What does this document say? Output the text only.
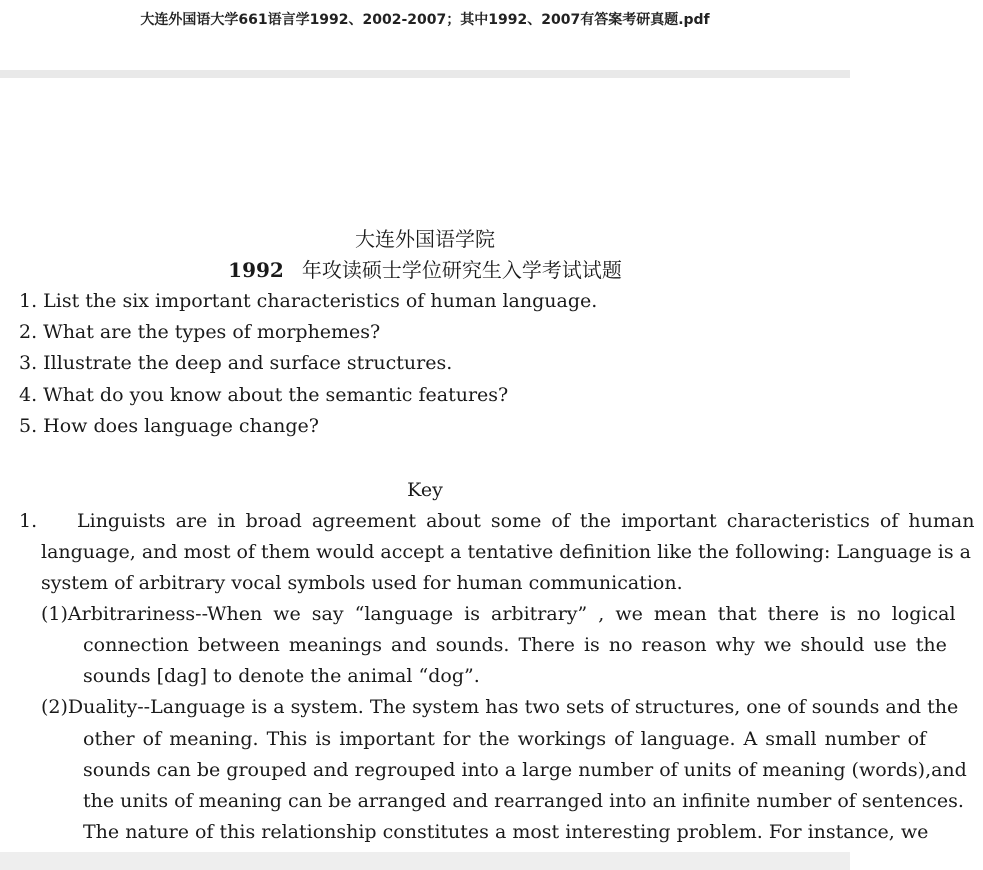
大连外国语大学661语言学1992、2002-2007；其中1992、2007有答案考研真题.pdf
大连外国语学院
1992 年攻读硕士学位研究生入学考试试题
1. List the six important characteristics of human language.
2. What are the types of morphemes?
3. Illustrate the deep and surface structures.
4. What do you know about the semantic features?
5. How does language change?
Key
1. Linguists are in broad agreement about some of the important characteristics of human
language, and most of them would accept a tentative definition like the following: Language is a
system of arbitrary vocal symbols used for human communication.
(1)Arbitrariness--When we say “language is arbitrary” , we mean that there is no logical
connection between meanings and sounds. There is no reason why we should use the
sounds [dag] to denote the animal “dog”.
(2)Duality--Language is a system. The system has two sets of structures, one of sounds and the
other of meaning. This is important for the workings of language. A small number of
sounds can be grouped and regrouped into a large number of units of meaning (words),and
the units of meaning can be arranged and rearranged into an infinite number of sentences.
The nature of this relationship constitutes a most interesting problem. For instance, we
